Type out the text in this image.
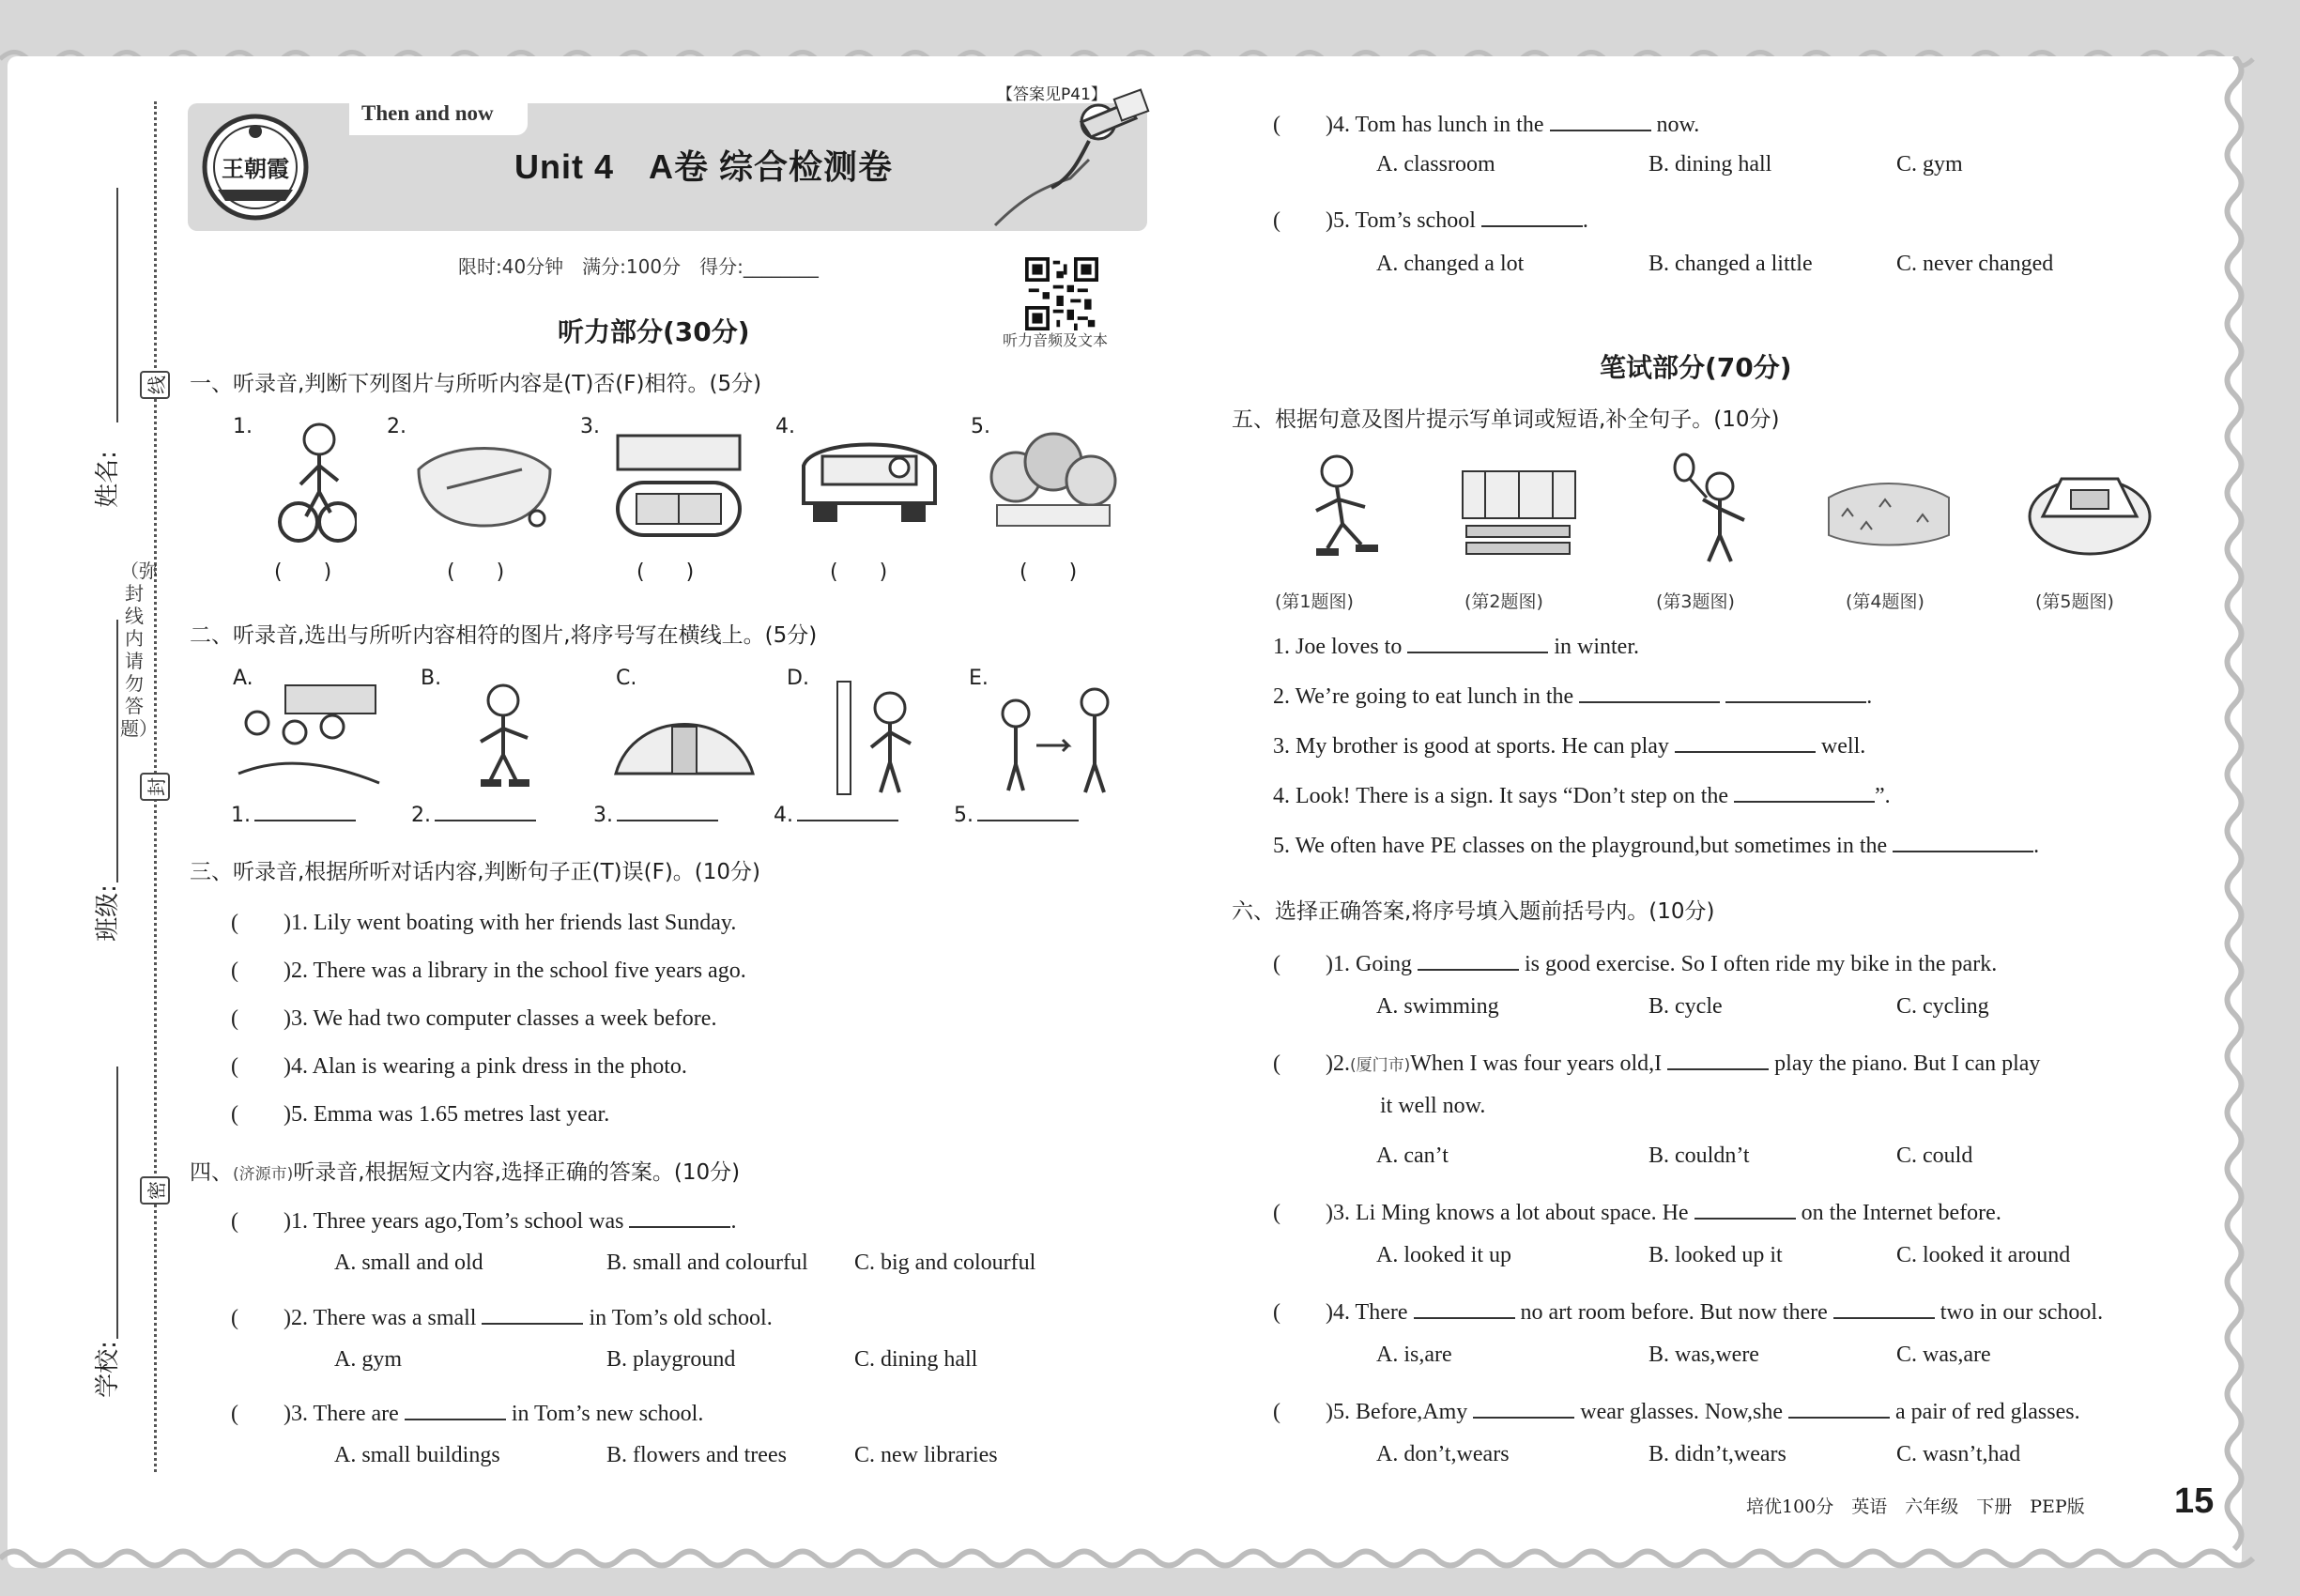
线
封
密
姓名:
班级:
学校:
（弥封线内请勿答题）
Then and now
Unit 4　A卷 综合检测卷
【答案见P41】
王朝霞
限时:40分钟　满分:100分　得分:________
听力音频及文本
听力部分(30分)
一、听录音,判断下列图片与所听内容是(T)否(F)相符。(5分)
1.	2.	3.	4.	5.
(　　)	(　　)	(　　)	(　　)	(　　)
二、听录音,选出与所听内容相符的图片,将序号写在横线上。(5分)
A.	B.	C.	D.	E.
1.	2.	3.	4.	5.
三、听录音,根据所听对话内容,判断句子正(T)误(F)。(10分)
(　　)1. Lily went boating with her friends last Sunday.
(　　)2. There was a library in the school five years ago.
(　　)3. We had two computer classes a week before.
(　　)4. Alan is wearing a pink dress in the photo.
(　　)5. Emma was 1.65 metres last year.
四、(济源市)听录音,根据短文内容,选择正确的答案。(10分)
(　　)1. Three years ago,Tom’s school was	.
A. small and old	B. small and colourful C. big and colourful
(　　)2. There was a small	in Tom’s old school.
A. gym	B. playground	C. dining hall
(　　)3. There are	in Tom’s new school.
A. small buildings	B. flowers and trees	C. new libraries
(　　)4. Tom has lunch in the	now.
A. classroom	B. dining hall	C. gym
(　　)5. Tom’s school	.
A. changed a lot	B. changed a little	C. never changed
笔试部分(70分)
五、根据句意及图片提示写单词或短语,补全句子。(10分)
(第1题图)	(第2题图)	(第3题图)	(第4题图)	(第5题图)
1. Joe loves to	in winter.
2. We’re going to eat lunch in the	.
3. My brother is good at sports. He can play	well.
4. Look! There is a sign. It says “Don’t step on the	”.
5. We often have PE classes on the playground,but sometimes in the	.
六、选择正确答案,将序号填入题前括号内。(10分)
(　　)1. Going	is good exercise. So I often ride my bike in the park.
A. swimming	B. cycle	C. cycling
(　　)2.(厦门市)When I was four years old,I	play the piano. But I can play
it well now.
A. can’t	B. couldn’t	C. could
(　　)3. Li Ming knows a lot about space. He	on the Internet before.
A. looked it up	B. looked up it	C. looked it around
(　　)4. There	no art room before. But now there	two in our school.
A. is,are	B. was,were	C. was,are
(　　)5. Before,Amy	wear glasses. Now,she	a pair of red glasses.
A. don’t,wears	B. didn’t,wears	C. wasn’t,had
培优100分　英语　六年级　下册　PEP版	15
